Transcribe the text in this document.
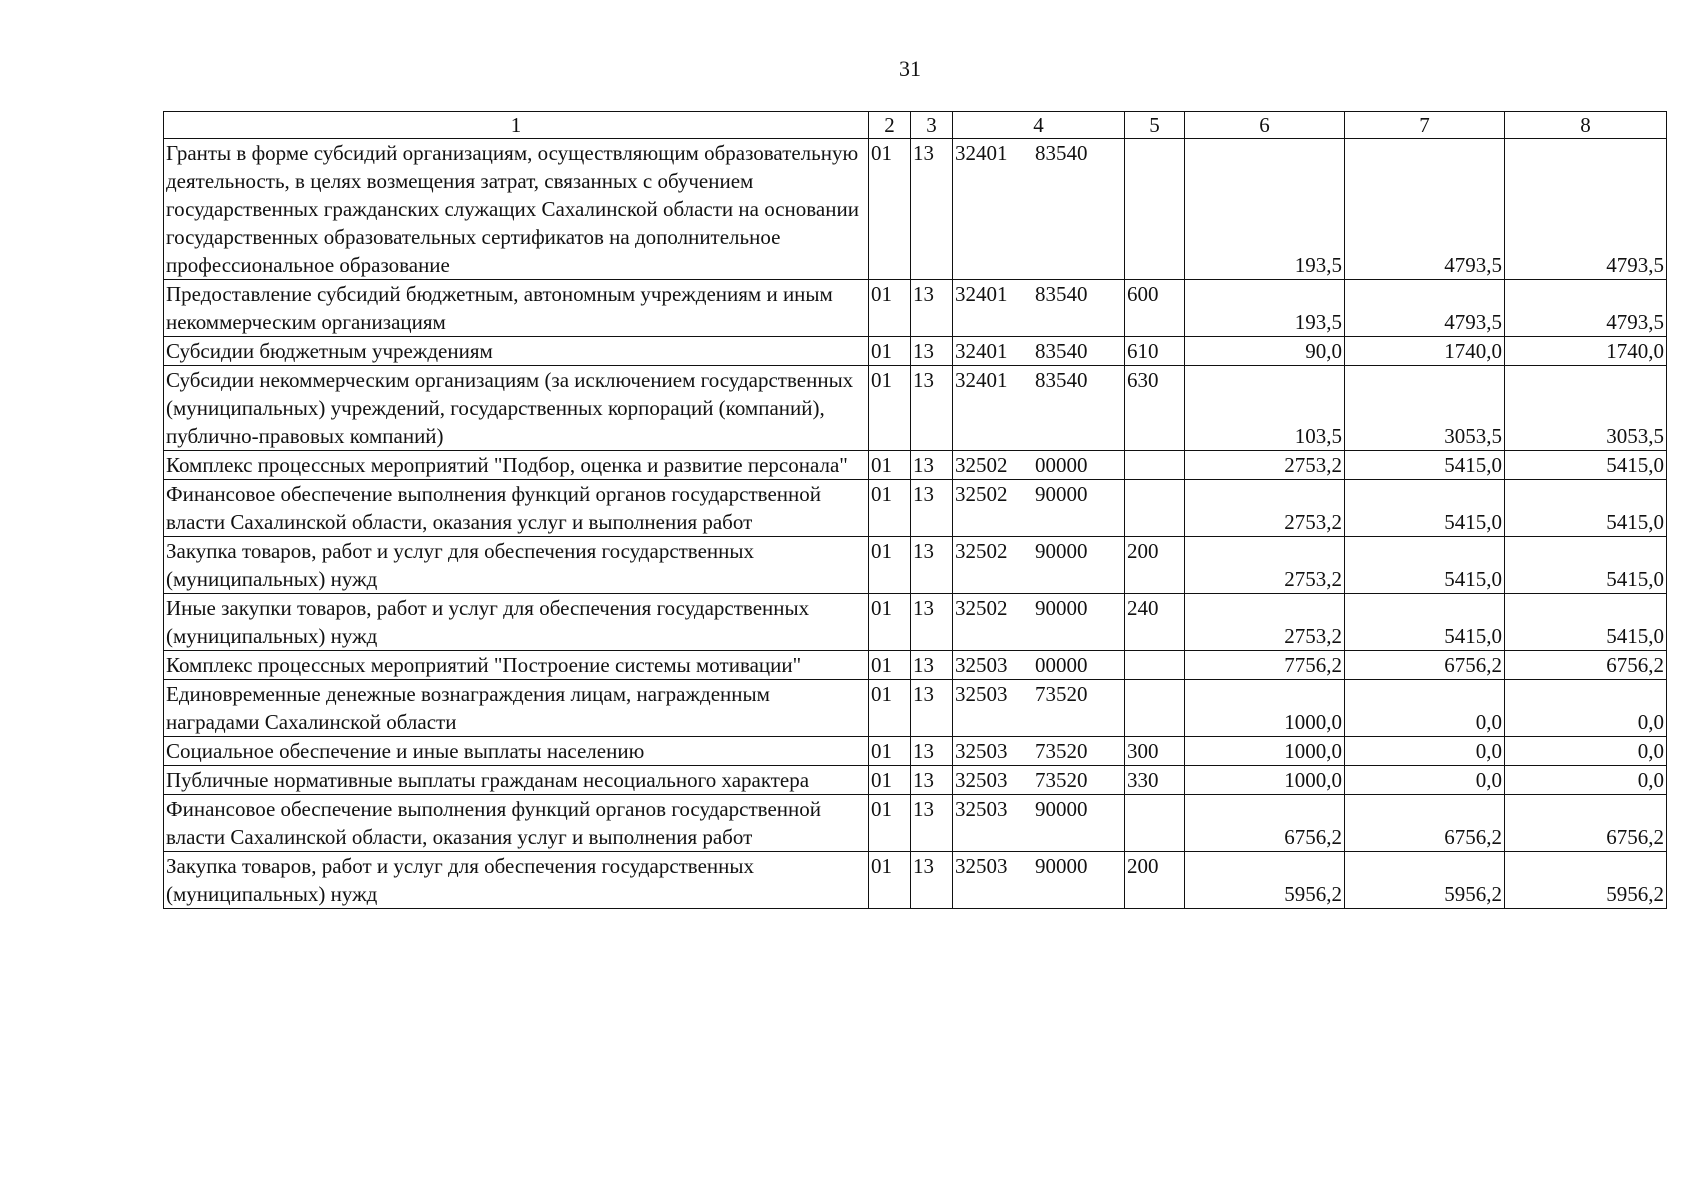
31
1	2	3	4	5	6	7	8
Гранты в форме субсидий организациям, осуществляющим образовательную деятельность, в целях возмещения затрат, связанных с обучением государственных гражданских служащих Сахалинской области на основании государственных образовательных сертификатов на дополнительное профессиональное образование	01	13	32401 83540		193,5	4793,5	4793,5
Предоставление субсидий бюджетным, автономным учреждениям и иным некоммерческим организациям	01	13	32401 83540	600	193,5	4793,5	4793,5
Субсидии бюджетным учреждениям	01	13	32401 83540	610	90,0	1740,0	1740,0
Субсидии некоммерческим организациям (за исключением государственных (муниципальных) учреждений, государственных корпораций (компаний), публично-правовых компаний)	01	13	32401 83540	630	103,5	3053,5	3053,5
Комплекс процессных мероприятий "Подбор, оценка и развитие персонала"	01	13	32502 00000		2753,2	5415,0	5415,0
Финансовое обеспечение выполнения функций органов государственной власти Сахалинской области, оказания услуг и выполнения работ	01	13	32502 90000		2753,2	5415,0	5415,0
Закупка товаров, работ и услуг для обеспечения государственных (муниципальных) нужд	01	13	32502 90000	200	2753,2	5415,0	5415,0
Иные закупки товаров, работ и услуг для обеспечения государственных (муниципальных) нужд	01	13	32502 90000	240	2753,2	5415,0	5415,0
Комплекс процессных мероприятий "Построение системы мотивации"	01	13	32503 00000		7756,2	6756,2	6756,2
Единовременные денежные вознаграждения лицам, награжденным наградами Сахалинской области	01	13	32503 73520		1000,0	0,0	0,0
Социальное обеспечение и иные выплаты населению	01	13	32503 73520	300	1000,0	0,0	0,0
Публичные нормативные выплаты гражданам несоциального характера	01	13	32503 73520	330	1000,0	0,0	0,0
Финансовое обеспечение выполнения функций органов государственной власти Сахалинской области, оказания услуг и выполнения работ	01	13	32503 90000		6756,2	6756,2	6756,2
Закупка товаров, работ и услуг для обеспечения государственных (муниципальных) нужд	01	13	32503 90000	200	5956,2	5956,2	5956,2
